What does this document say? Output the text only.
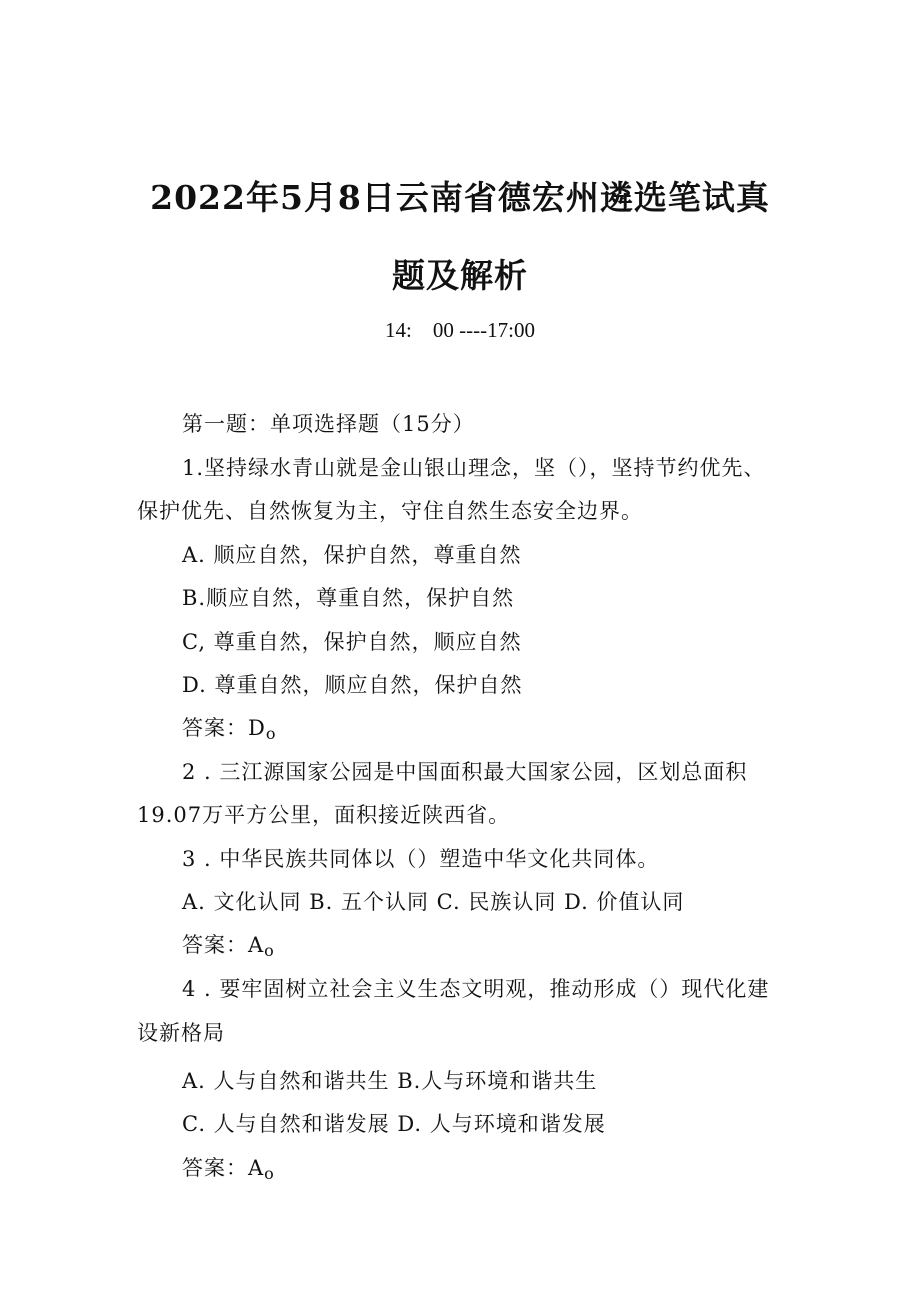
2022年5月8日云南省德宏州遴选笔试真
题及解析
14:    00 ----17:00
第一题：单项选择题（15分）
1.坚持绿水青山就是金山银山理念，坚（），坚持节约优先、
保护优先、自然恢复为主，守住自然生态安全边界。
A. 顺应自然，保护自然，尊重自然
B.顺应自然，尊重自然，保护自然
C, 尊重自然，保护自然，顺应自然
D. 尊重自然，顺应自然，保护自然
答案：Do
2 . 三江源国家公园是中国面积最大国家公园，区划总面积
19.07万平方公里，面积接近陕西省。
3 . 中华民族共同体以（）塑造中华文化共同体。
A. 文化认同 B. 五个认同 C. 民族认同 D. 价值认同
答案：Ao
4 . 要牢固树立社会主义生态文明观，推动形成（）现代化建
设新格局
A. 人与自然和谐共生 B.人与环境和谐共生
C. 人与自然和谐发展 D. 人与环境和谐发展
答案：Ao
